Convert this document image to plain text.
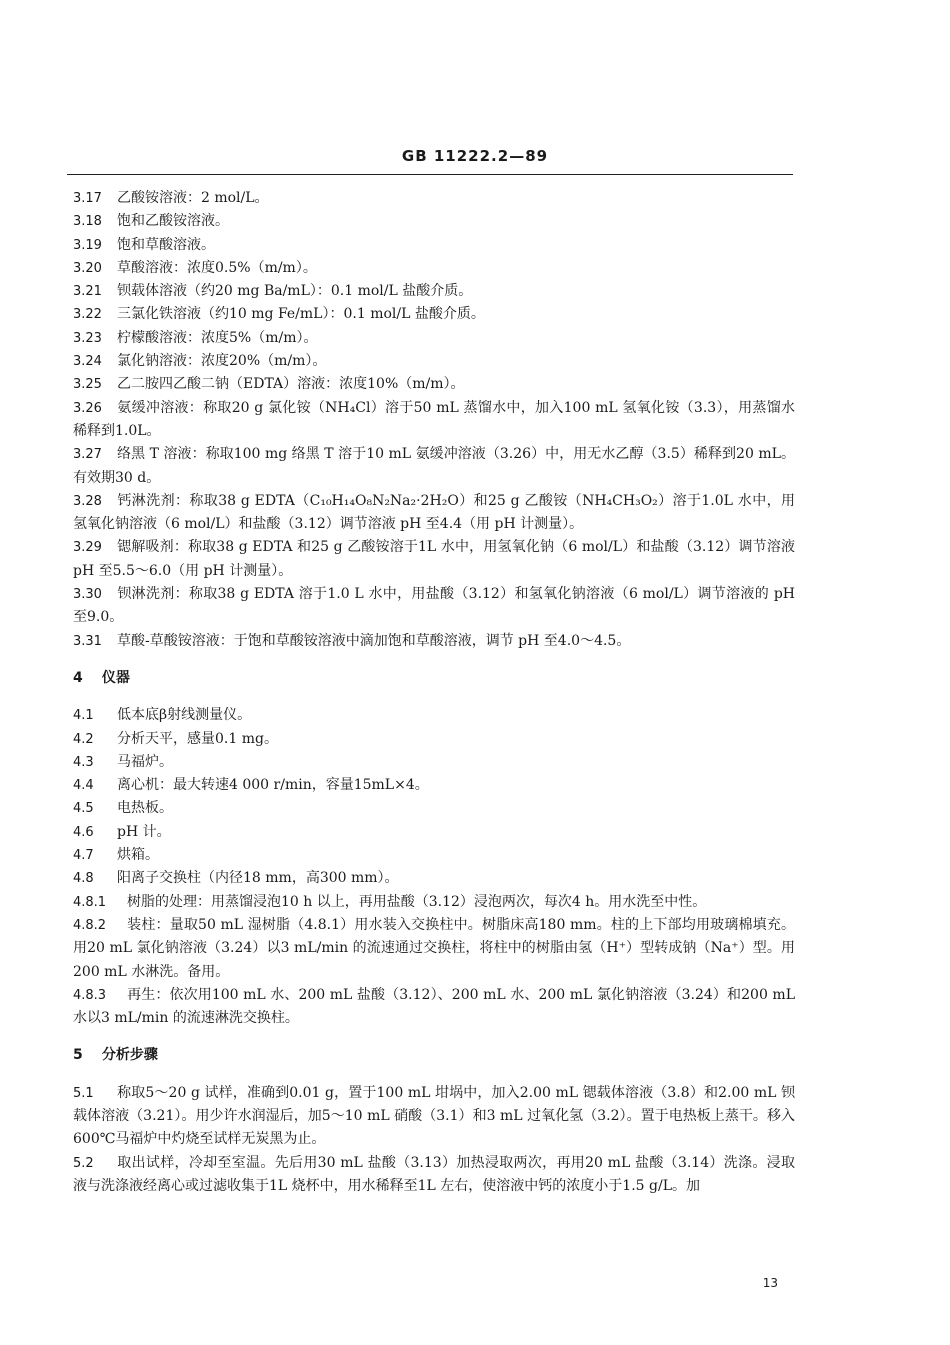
GB 11222.2—89

3.17 乙酸铵溶液：2 mol/L。

3.18 饱和乙酸铵溶液。

3.19 饱和草酸溶液。

3.20 草酸溶液：浓度0.5%（m/m）。

3.21 钡载体溶液（约20 mg Ba/mL）：0.1 mol/L 盐酸介质。

3.22 三氯化铁溶液（约10 mg Fe/mL）：0.1 mol/L 盐酸介质。

3.23 柠檬酸溶液：浓度5%（m/m）。

3.24 氯化钠溶液：浓度20%（m/m）。

3.25 乙二胺四乙酸二钠（EDTA）溶液：浓度10%（m/m）。

3.26 氨缓冲溶液：称取20 g 氯化铵（NH₄Cl）溶于50 mL 蒸馏水中，加入100 mL 氢氧化铵（3.3），用蒸馏水稀释到1.0L。

3.27 络黑 T 溶液：称取100 mg 络黑 T 溶于10 mL 氨缓冲溶液（3.26）中，用无水乙醇（3.5）稀释到20 mL。有效期30 d。

3.28 钙淋洗剂：称取38 g EDTA（C₁₀H₁₄O₈N₂Na₂·2H₂O）和25 g 乙酸铵（NH₄CH₃O₂）溶于1.0L 水中，用氢氧化钠溶液（6 mol/L）和盐酸（3.12）调节溶液 pH 至4.4（用 pH 计测量）。

3.29 锶解吸剂：称取38 g EDTA 和25 g 乙酸铵溶于1L 水中，用氢氧化钠（6 mol/L）和盐酸（3.12）调节溶液 pH 至5.5～6.0（用 pH 计测量）。

3.30 钡淋洗剂：称取38 g EDTA 溶于1.0 L 水中，用盐酸（3.12）和氢氧化钠溶液（6 mol/L）调节溶液的 pH 至9.0。

3.31 草酸-草酸铵溶液：于饱和草酸铵溶液中滴加饱和草酸溶液，调节 pH 至4.0～4.5。

4 仪器

4.1 低本底β射线测量仪。

4.2 分析天平，感量0.1 mg。

4.3 马福炉。

4.4 离心机：最大转速4 000 r/min，容量15mL×4。

4.5 电热板。

4.6 pH 计。

4.7 烘箱。

4.8 阳离子交换柱（内径18 mm，高300 mm）。

4.8.1 树脂的处理：用蒸馏浸泡10 h 以上，再用盐酸（3.12）浸泡两次，每次4 h。用水洗至中性。

4.8.2 装柱：量取50 mL 湿树脂（4.8.1）用水装入交换柱中。树脂床高180 mm。柱的上下部均用玻璃棉填充。用20 mL 氯化钠溶液（3.24）以3 mL/min 的流速通过交换柱，将柱中的树脂由氢（H⁺）型转成钠（Na⁺）型。用200 mL 水淋洗。备用。

4.8.3 再生：依次用100 mL 水、200 mL 盐酸（3.12）、200 mL 水、200 mL 氯化钠溶液（3.24）和200 mL 水以3 mL/min 的流速淋洗交换柱。

5 分析步骤

5.1 称取5～20 g 试样，准确到0.01 g，置于100 mL 坩埚中，加入2.00 mL 锶载体溶液（3.8）和2.00 mL 钡载体溶液（3.21）。用少许水润湿后，加5～10 mL 硝酸（3.1）和3 mL 过氧化氢（3.2）。置于电热板上蒸干。移入600℃马福炉中灼烧至试样无炭黑为止。

5.2 取出试样，冷却至室温。先后用30 mL 盐酸（3.13）加热浸取两次，再用20 mL 盐酸（3.14）洗涤。浸取液与洗涤液经离心或过滤收集于1L 烧杯中，用水稀释至1L 左右，使溶液中钙的浓度小于1.5 g/L。加

13
